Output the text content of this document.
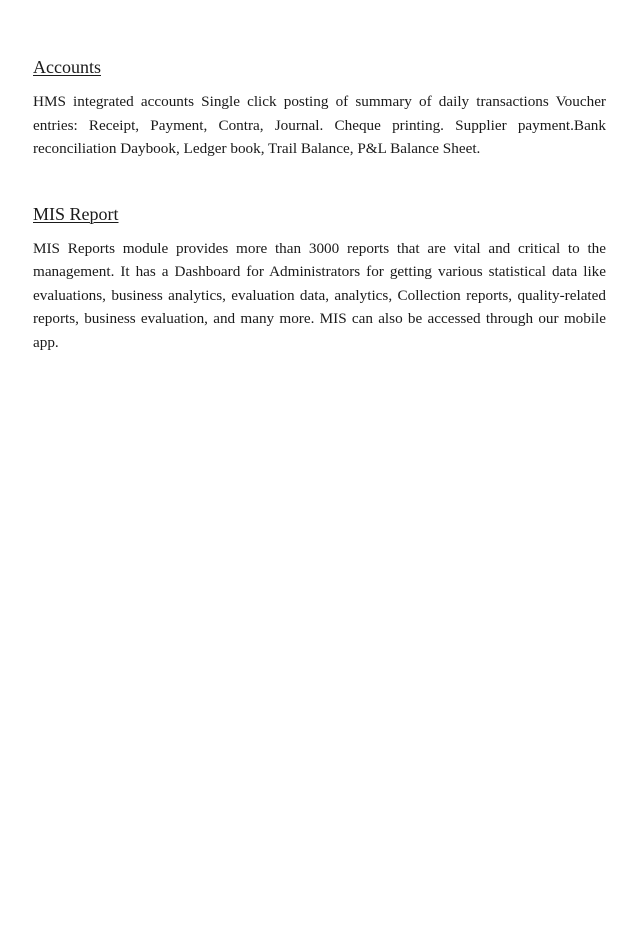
Accounts

HMS integrated accounts Single click posting of summary of daily transactions Voucher entries: Receipt, Payment, Contra, Journal. Cheque printing. Supplier payment.Bank reconciliation Daybook, Ledger book, Trail Balance, P&L Balance Sheet.

MIS Report

MIS Reports module provides more than 3000 reports that are vital and critical to the management. It has a Dashboard for Administrators for getting various statistical data like evaluations, business analytics, evaluation data, analytics, Collection reports, quality-related reports, business evaluation, and many more. MIS can also be accessed through our mobile app.
